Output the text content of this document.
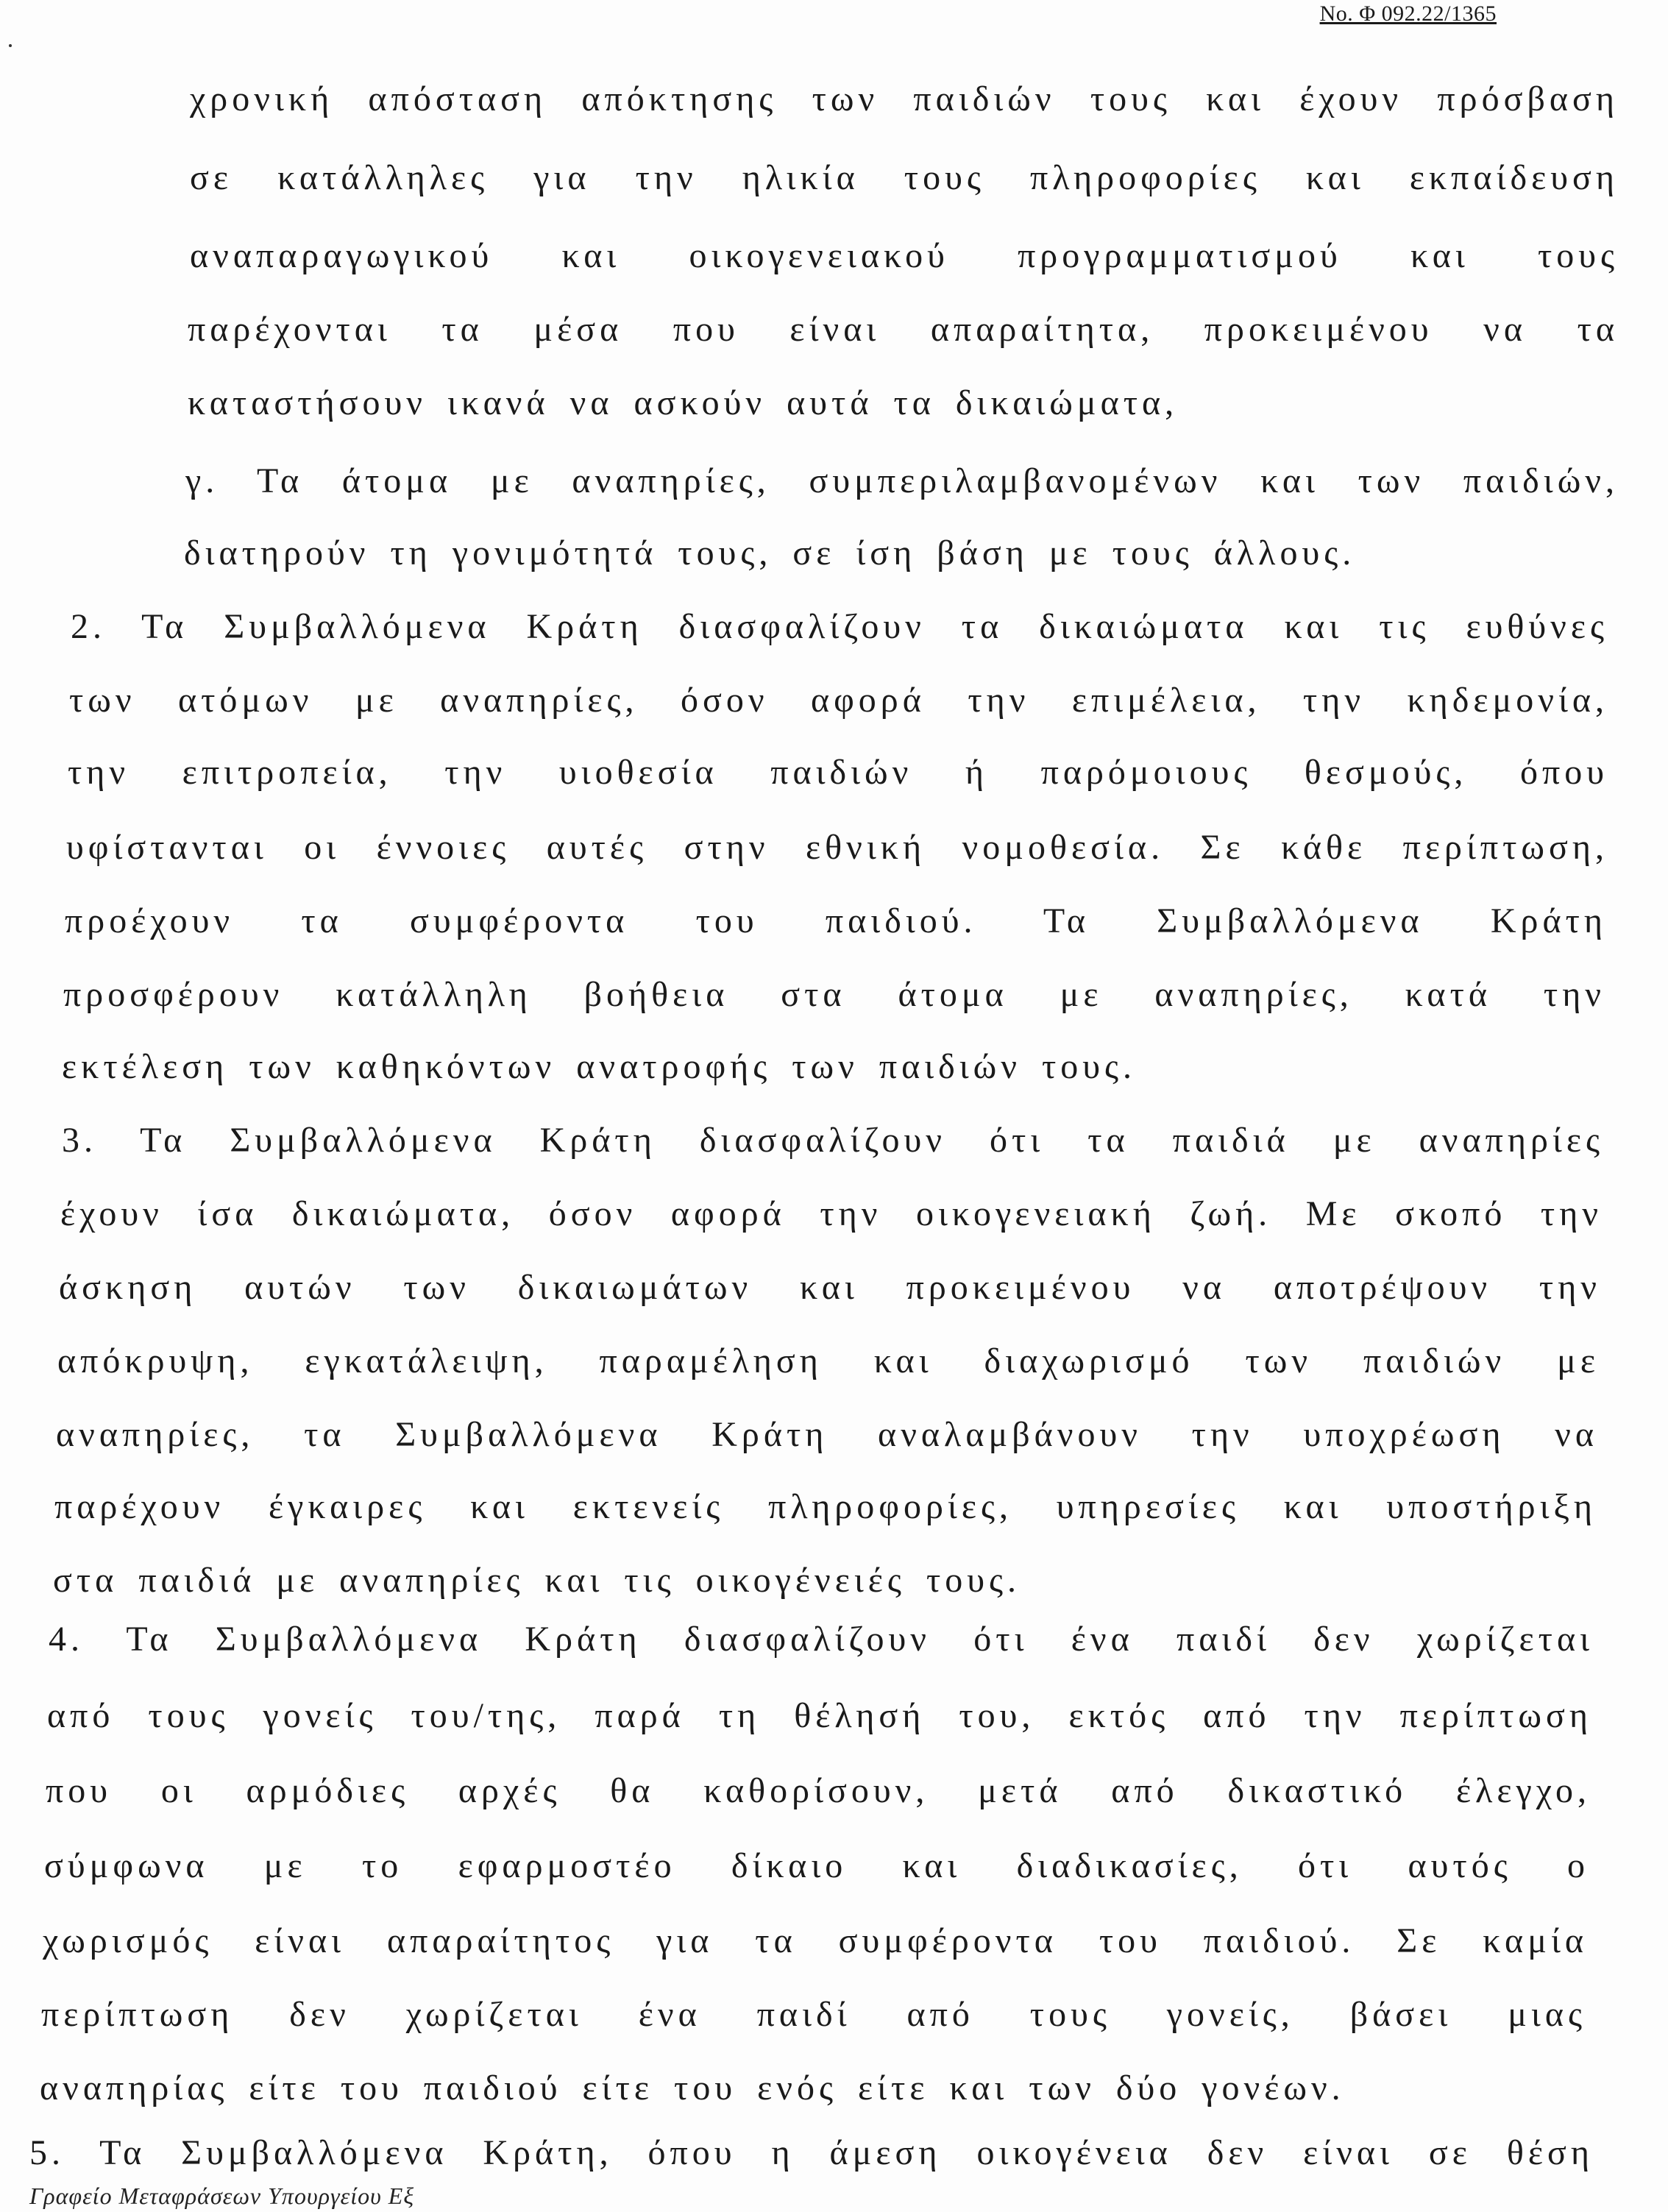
No. Φ 092.22/1365
χρονική απόσταση απόκτησης των παιδιών τους και έχουν πρόσβαση
σε κατάλληλες για την ηλικία τους πληροφορίες και εκπαίδευση
αναπαραγωγικού και οικογενειακού προγραμματισμού και τους
παρέχονται τα μέσα που είναι απαραίτητα, προκειμένου να τα
καταστήσουν ικανά να ασκούν αυτά τα δικαιώματα,
γ. Τα άτομα με αναπηρίες, συμπεριλαμβανομένων και των παιδιών,
διατηρούν τη γονιμότητά τους, σε ίση βάση με τους άλλους.
2. Τα Συμβαλλόμενα Κράτη διασφαλίζουν τα δικαιώματα και τις ευθύνες
των ατόμων με αναπηρίες, όσον αφορά την επιμέλεια, την κηδεμονία,
την επιτροπεία, την υιοθεσία παιδιών ή παρόμοιους θεσμούς, όπου
υφίστανται οι έννοιες αυτές στην εθνική νομοθεσία. Σε κάθε περίπτωση,
προέχουν τα συμφέροντα του παιδιού. Τα Συμβαλλόμενα Κράτη
προσφέρουν κατάλληλη βοήθεια στα άτομα με αναπηρίες, κατά την
εκτέλεση των καθηκόντων ανατροφής των παιδιών τους.
3. Τα Συμβαλλόμενα Κράτη διασφαλίζουν ότι τα παιδιά με αναπηρίες
έχουν ίσα δικαιώματα, όσον αφορά την οικογενειακή ζωή. Με σκοπό την
άσκηση αυτών των δικαιωμάτων και προκειμένου να αποτρέψουν την
απόκρυψη, εγκατάλειψη, παραμέληση και διαχωρισμό των παιδιών με
αναπηρίες, τα Συμβαλλόμενα Κράτη αναλαμβάνουν την υποχρέωση να
παρέχουν έγκαιρες και εκτενείς πληροφορίες, υπηρεσίες και υποστήριξη
στα παιδιά με αναπηρίες και τις οικογένειές τους.
4. Τα Συμβαλλόμενα Κράτη διασφαλίζουν ότι ένα παιδί δεν χωρίζεται
από τους γονείς του/της, παρά τη θέλησή του, εκτός από την περίπτωση
που οι αρμόδιες αρχές θα καθορίσουν, μετά από δικαστικό έλεγχο,
σύμφωνα με το εφαρμοστέο δίκαιο και διαδικασίες, ότι αυτός ο
χωρισμός είναι απαραίτητος για τα συμφέροντα του παιδιού. Σε καμία
περίπτωση δεν χωρίζεται ένα παιδί από τους γονείς, βάσει μιας
αναπηρίας είτε του παιδιού είτε του ενός είτε και των δύο γονέων.
5. Τα Συμβαλλόμενα Κράτη, όπου η άμεση οικογένεια δεν είναι σε θέση
Γραφείο Μεταφράσεων Υπουργείου Εξ
